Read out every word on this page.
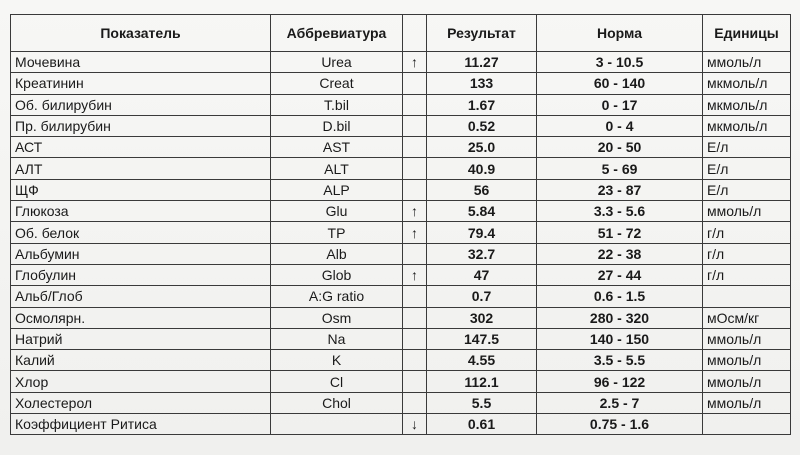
Показатель	Аббревиатура		Результат	Норма	Единицы
Мочевина	Urea	↑	11.27	3 - 10.5	ммоль/л
Креатинин	Creat		133	60 - 140	мкмоль/л
Об. билирубин	T.bil		1.67	0 - 17	мкмоль/л
Пр. билирубин	D.bil		0.52	0 - 4	мкмоль/л
АСТ	AST		25.0	20 - 50	Е/л
АЛТ	ALT		40.9	5 - 69	Е/л
ЩФ	ALP		56	23 - 87	Е/л
Глюкоза	Glu	↑	5.84	3.3 - 5.6	ммоль/л
Об. белок	TP	↑	79.4	51 - 72	г/л
Альбумин	Alb		32.7	22 - 38	г/л
Глобулин	Glob	↑	47	27 - 44	г/л
Альб/Глоб	A:G ratio		0.7	0.6 - 1.5	
Осмолярн.	Osm		302	280 - 320	мОсм/кг
Натрий	Na		147.5	140 - 150	ммоль/л
Калий	K		4.55	3.5 - 5.5	ммоль/л
Хлор	Cl		112.1	96 - 122	ммоль/л
Холестерол	Chol		5.5	2.5 - 7	ммоль/л
Коэффициент Ритиса		↓	0.61	0.75 - 1.6	
